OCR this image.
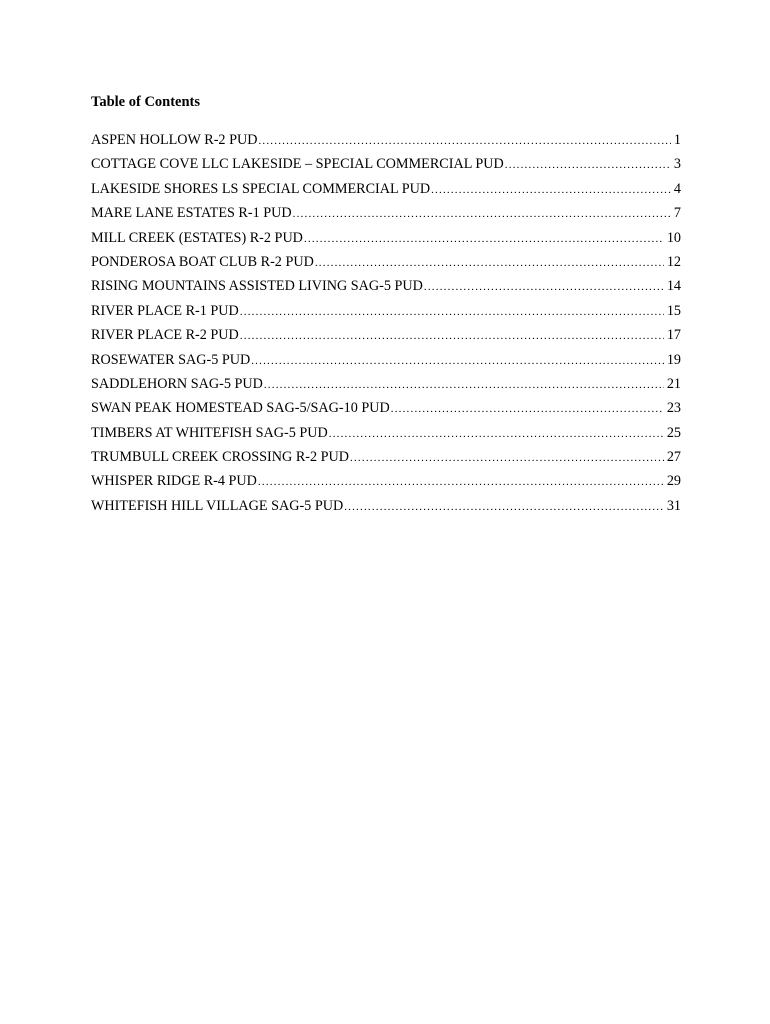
Table of Contents
ASPEN HOLLOW R-2 PUD .....	1
COTTAGE COVE LLC LAKESIDE – SPECIAL COMMERCIAL PUD .....	3
LAKESIDE SHORES LS SPECIAL COMMERCIAL PUD .....	4
MARE LANE ESTATES R-1 PUD .....	7
MILL CREEK (ESTATES) R-2 PUD .....	10
PONDEROSA BOAT CLUB R-2 PUD .....	12
RISING MOUNTAINS ASSISTED LIVING SAG-5 PUD .....	14
RIVER PLACE R-1 PUD .....	15
RIVER PLACE R-2 PUD .....	17
ROSEWATER SAG-5 PUD .....	19
SADDLEHORN SAG-5 PUD .....	21
SWAN PEAK HOMESTEAD SAG-5/SAG-10 PUD .....	23
TIMBERS AT WHITEFISH SAG-5 PUD .....	25
TRUMBULL CREEK CROSSING R-2 PUD .....	27
WHISPER RIDGE R-4 PUD .....	29
WHITEFISH HILL VILLAGE SAG-5 PUD .....	31
